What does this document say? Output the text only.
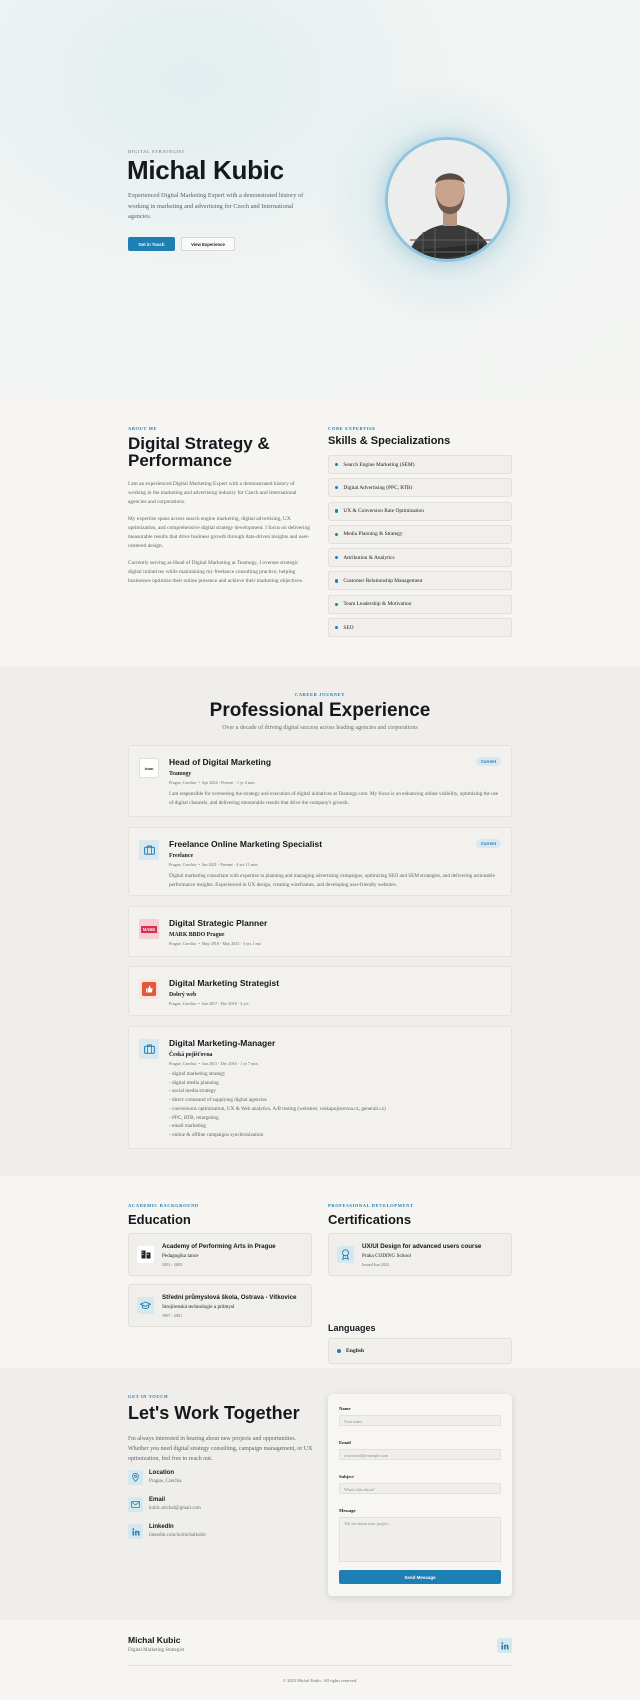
DIGITAL STRATEGIST
Michal Kubic
Experienced Digital Marketing Expert with a demonstrated history of working in marketing and advertising for Czech and International agencies.
Get in Touch	View Experience
ABOUT ME
Digital Strategy & Performance

I am an experienced Digital Marketing Expert with a demonstrated history of working in the marketing and advertising industry for Czech and International agencies and corporations.

My expertise spans across search engine marketing, digital advertising, UX optimization, and comprehensive digital strategy development. I focus on delivering measurable results that drive business growth through data-driven insights and user-centered design.

Currently serving as Head of Digital Marketing at Teamogy, I oversee strategic digital initiatives while maintaining my freelance consulting practice, helping businesses optimize their online presence and achieve their marketing objectives.

CORE EXPERTISE
Skills & Specializations
Search Engine Marketing (SEM)
Digital Advertising (PPC, RTB)
UX & Conversion Rate Optimization
Media Planning & Strategy
Attribution & Analytics
Customer Relationship Management
Team Leadership & Motivation
SEO
CAREER JOURNEY
Professional Experience
Over a decade of driving digital success across leading agencies and corporations
team
Head of Digital Marketing
Teamogy
Prague, Czechia  •  Apr 2024 - Present · 1 yr 4 mos
I am responsible for overseeing the strategy and execution of digital initiatives at Teamogy.com. My focus is on enhancing online visibility, optimizing the use of digital channels, and delivering measurable results that drive the company's growth.
Current
Freelance Online Marketing Specialist
Freelance
Prague, Czechia  •  Jan 2021 - Present · 4 yrs 11 mos
Digital marketing consultant with expertise in planning and managing advertising campaigns, optimizing SEO and SEM strategies, and delivering actionable performance insights. Experienced in UX design, creating wireframes, and developing user-friendly websites.
Current
MARK
Digital Strategic Planner
MARK BBDO Prague
Prague, Czechia  •  May 2018 - May 2021 · 3 yrs 1 mo
Digital Marketing Strategist
Dobrý web
Prague, Czechia  •  Jun 2017 - Dec 2018 · 2 yrs
Digital Marketing-Manager
Česká pojišťovna
Prague, Czechia  •  Jun 2013 - Dec 2016 · 1 yr 7 mos
- digital marketing strategy
- digital media planning
- social media strategy
- direct command of supplying digital agencies
- conversions optimization, UX & Web analytics, A/B testing (websites: ceskapojistovna.cz, generali.cz)
- PPC, RTB, retargeting
- email marketing
- online & offline campaigns synchronization
ACADEMIC BACKGROUND
Education
Academy of Performing Arts in Prague
Pedagogika tance
2001 - 2003
Střední průmyslová škola, Ostrava - Vítkovice
Strojírenská technologie a průmysl
1997 - 2001
PROFESSIONAL DEVELOPMENT
Certifications
UX/UI Design for advanced users course
Praha CODING School
Issued Jun 2023
Languages
English
GET IN TOUCH
Let's Work Together
I'm always interested in hearing about new projects and opportunities. Whether you need digital strategy consulting, campaign management, or UX optimization, feel free to reach out.
Location
Prague, Czechia
Email
kubic.michal@gmail.com
LinkedIn
linkedin.com/in/michalkubic
Name
Your name
Email
your.email@example.com
Subject
What's this about?
Message
Tell me about your project...
Send Message
Michal Kubic
Digital Marketing Strategist
© 2025 Michal Kubic. All rights reserved.
